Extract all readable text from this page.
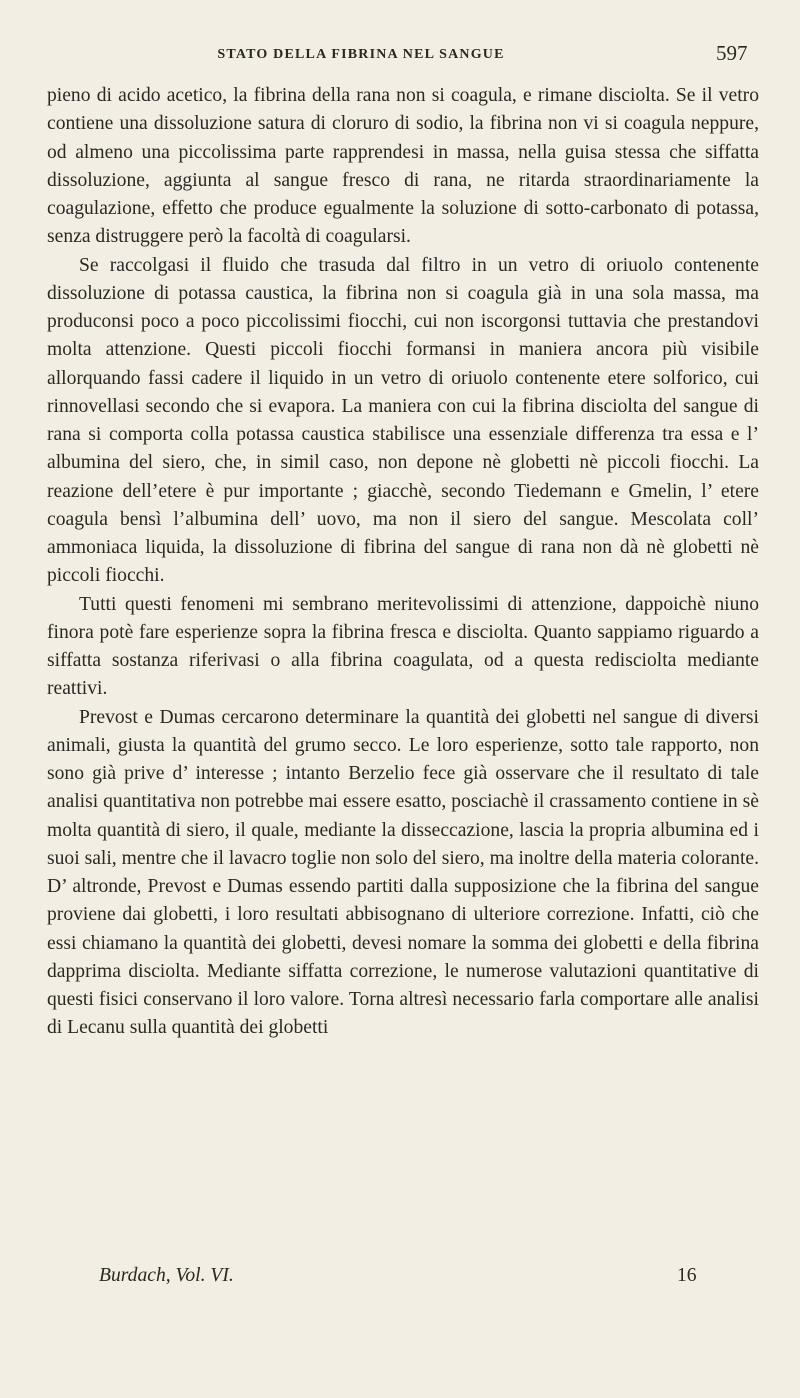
STATO DELLA FIBRINA NEL SANGUE	597

pieno di acido acetico, la fibrina della rana non si coagula, e rimane disciolta. Se il vetro contiene una dissoluzione satura di cloruro di sodio, la fibrina non vi si coagula neppure, od almeno una piccolissima parte rapprendesi in massa, nella guisa stessa che siffatta dissoluzione, aggiunta al sangue fresco di rana, ne ritarda straordinariamente la coagulazione, effetto che produce egualmente la soluzione di sotto-carbonato di potassa, senza distruggere però la facoltà di coagularsi.

Se raccolgasi il fluido che trasuda dal filtro in un vetro di oriuolo contenente dissoluzione di potassa caustica, la fibrina non si coagula già in una sola massa, ma produconsi poco a poco piccolissimi fiocchi, cui non iscorgonsi tuttavia che prestandovi molta attenzione. Questi piccoli fiocchi formansi in maniera ancora più visibile allorquando fassi cadere il liquido in un vetro di oriuolo contenente etere solforico, cui rinnovellasi secondo che si evapora. La maniera con cui la fibrina disciolta del sangue di rana si comporta colla potassa caustica stabilisce una essenziale differenza tra essa e l’ albumina del siero, che, in simil caso, non depone nè globetti nè piccoli fiocchi. La reazione dell’etere è pur importante ; giacchè, secondo Tiedemann e Gmelin, l’ etere coagula bensì l’albumina dell’ uovo, ma non il siero del sangue. Mescolata coll’ ammoniaca liquida, la dissoluzione di fibrina del sangue di rana non dà nè globetti nè piccoli fiocchi.

Tutti questi fenomeni mi sembrano meritevolissimi di attenzione, dappoichè niuno finora potè fare esperienze sopra la fibrina fresca e disciolta. Quanto sappiamo riguardo a siffatta sostanza riferivasi o alla fibrina coagulata, od a questa redisciolta mediante reattivi.

Prevost e Dumas cercarono determinare la quantità dei globetti nel sangue di diversi animali, giusta la quantità del grumo secco. Le loro esperienze, sotto tale rapporto, non sono già prive d’ interesse ; intanto Berzelio fece già osservare che il resultato di tale analisi quantitativa non potrebbe mai essere esatto, posciachè il crassamento contiene in sè molta quantità di siero, il quale, mediante la disseccazione, lascia la propria albumina ed i suoi sali, mentre che il lavacro toglie non solo del siero, ma inoltre della materia colorante. D’ altronde, Prevost e Dumas essendo partiti dalla supposizione che la fibrina del sangue proviene dai globetti, i loro resultati abbisognano di ulteriore correzione. Infatti, ciò che essi chiamano la quantità dei globetti, devesi nomare la somma dei globetti e della fibrina dapprima disciolta. Mediante siffatta correzione, le numerose valutazioni quantitative di questi fisici conservano il loro valore. Torna altresì necessario farla comportare alle analisi di Lecanu sulla quantità dei globetti

Burdach, Vol. VI.	16
